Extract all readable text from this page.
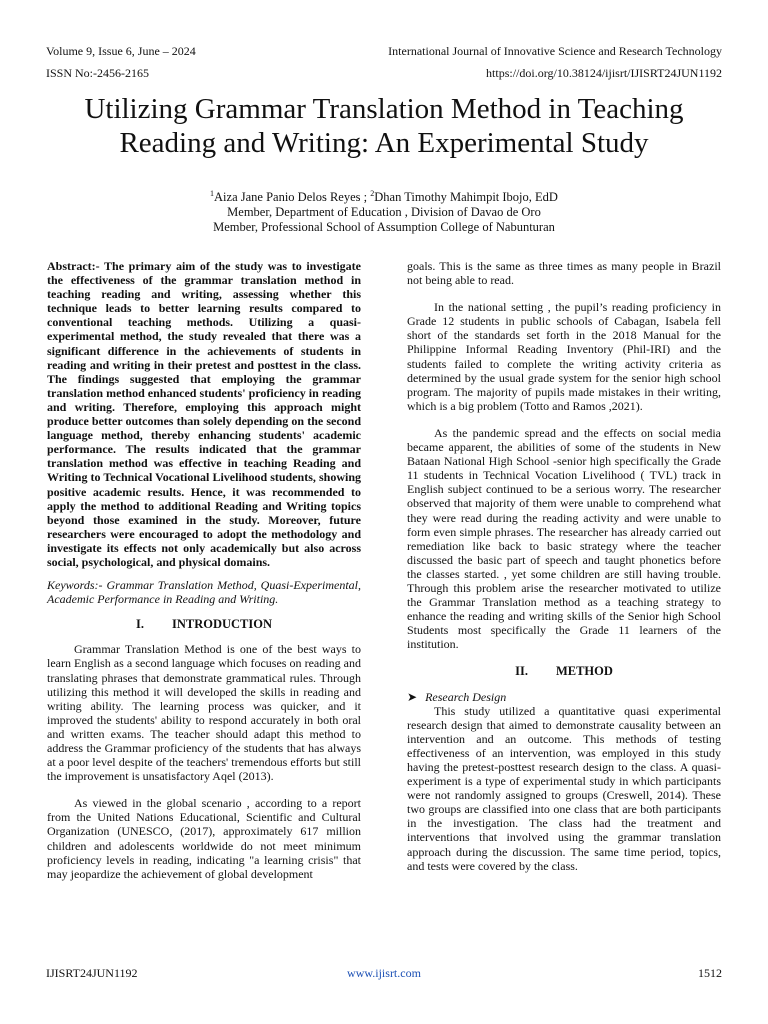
Volume 9, Issue 6, June – 2024
ISSN No:-2456-2165
International Journal of Innovative Science and Research Technology
https://doi.org/10.38124/ijisrt/IJISRT24JUN1192
Utilizing Grammar Translation Method in Teaching Reading and Writing: An Experimental Study
$^1$Aiza Jane Panio Delos Reyes ; $^2$Dhan Timothy Mahimpit Ibojo, EdD
Member, Department of Education , Division of Davao de Oro
Member, Professional School of Assumption College of Nabunturan

Abstract:- The primary aim of the study was to investigate the effectiveness of the grammar translation method in teaching reading and writing, assessing whether this technique leads to better learning results compared to conventional teaching methods. Utilizing a quasi-experimental method, the study revealed that there was a significant difference in the achievements of students in reading and writing in their pretest and posttest in the class. The findings suggested that employing the grammar translation method enhanced students' proficiency in reading and writing. Therefore, employing this approach might produce better outcomes than solely depending on the second language method, thereby enhancing students' academic performance. The results indicated that the grammar translation method was effective in teaching Reading and Writing to Technical Vocational Livelihood students, showing positive academic results. Hence, it was recommended to apply the method to additional Reading and Writing topics beyond those examined in the study. Moreover, future researchers were encouraged to adopt the methodology and investigate its effects not only academically but also across social, psychological, and physical domains.

Keywords:- Grammar Translation Method, Quasi-Experimental, Academic Performance in Reading and Writing.

I. INTRODUCTION

Grammar Translation Method is one of the best ways to learn English as a second language which focuses on reading and translating phrases that demonstrate grammatical rules. Through utilizing this method it will developed the skills in reading and writing ability. The learning process was quicker, and it improved the students' ability to respond accurately in both oral and written exams. The teacher should adapt this method to address the Grammar proficiency of the students that has always at a poor level despite of the teachers' tremendous efforts but still the improvement is unsatisfactory Aqel (2013).

As viewed in the global scenario , according to a report from the United Nations Educational, Scientific and Cultural Organization (UNESCO, (2017), approximately 617 million children and adolescents worldwide do not meet minimum proficiency levels in reading, indicating "a learning crisis" that may jeopardize the achievement of global development

goals. This is the same as three times as many people in Brazil not being able to read.

In the national setting , the pupil’s reading proficiency in Grade 12 students in public schools of Cabagan, Isabela fell short of the standards set forth in the 2018 Manual for the Philippine Informal Reading Inventory (Phil-IRI) and the students failed to complete the writing activity criteria as determined by the usual grade system for the senior high school program. The majority of pupils made mistakes in their writing, which is a big problem (Totto and Ramos ,2021).

As the pandemic spread and the effects on social media became apparent, the abilities of some of the students in New Bataan National High School -senior high specifically the Grade 11 students in Technical Vocation Livelihood ( TVL) track in English subject continued to be a serious worry. The researcher observed that majority of them were unable to comprehend what they were read during the reading activity and were unable to form even simple phrases. The researcher has already carried out remediation like back to basic strategy where the teacher discussed the basic part of speech and taught phonetics before the classes started. , yet some children are still having trouble. Through this problem arise the researcher motivated to utilize the Grammar Translation method as a teaching strategy to enhance the reading and writing skills of the Senior high School Students most specifically the Grade 11 learners of the institution.

II. METHOD
➤ Research Design

This study utilized a quantitative quasi experimental research design that aimed to demonstrate causality between an intervention and an outcome. This methods of testing effectiveness of an intervention, was employed in this study having the pretest-posttest research design to the class. A quasi-experiment is a type of experimental study in which participants were not randomly assigned to groups (Creswell, 2014). These two groups are classified into one class that are both participants in the investigation. The class had the treatment and interventions that involved using the grammar translation approach during the discussion. The same time period, topics, and tests were covered by the class.

IJISRT24JUN1192	www.ijisrt.com	1512
